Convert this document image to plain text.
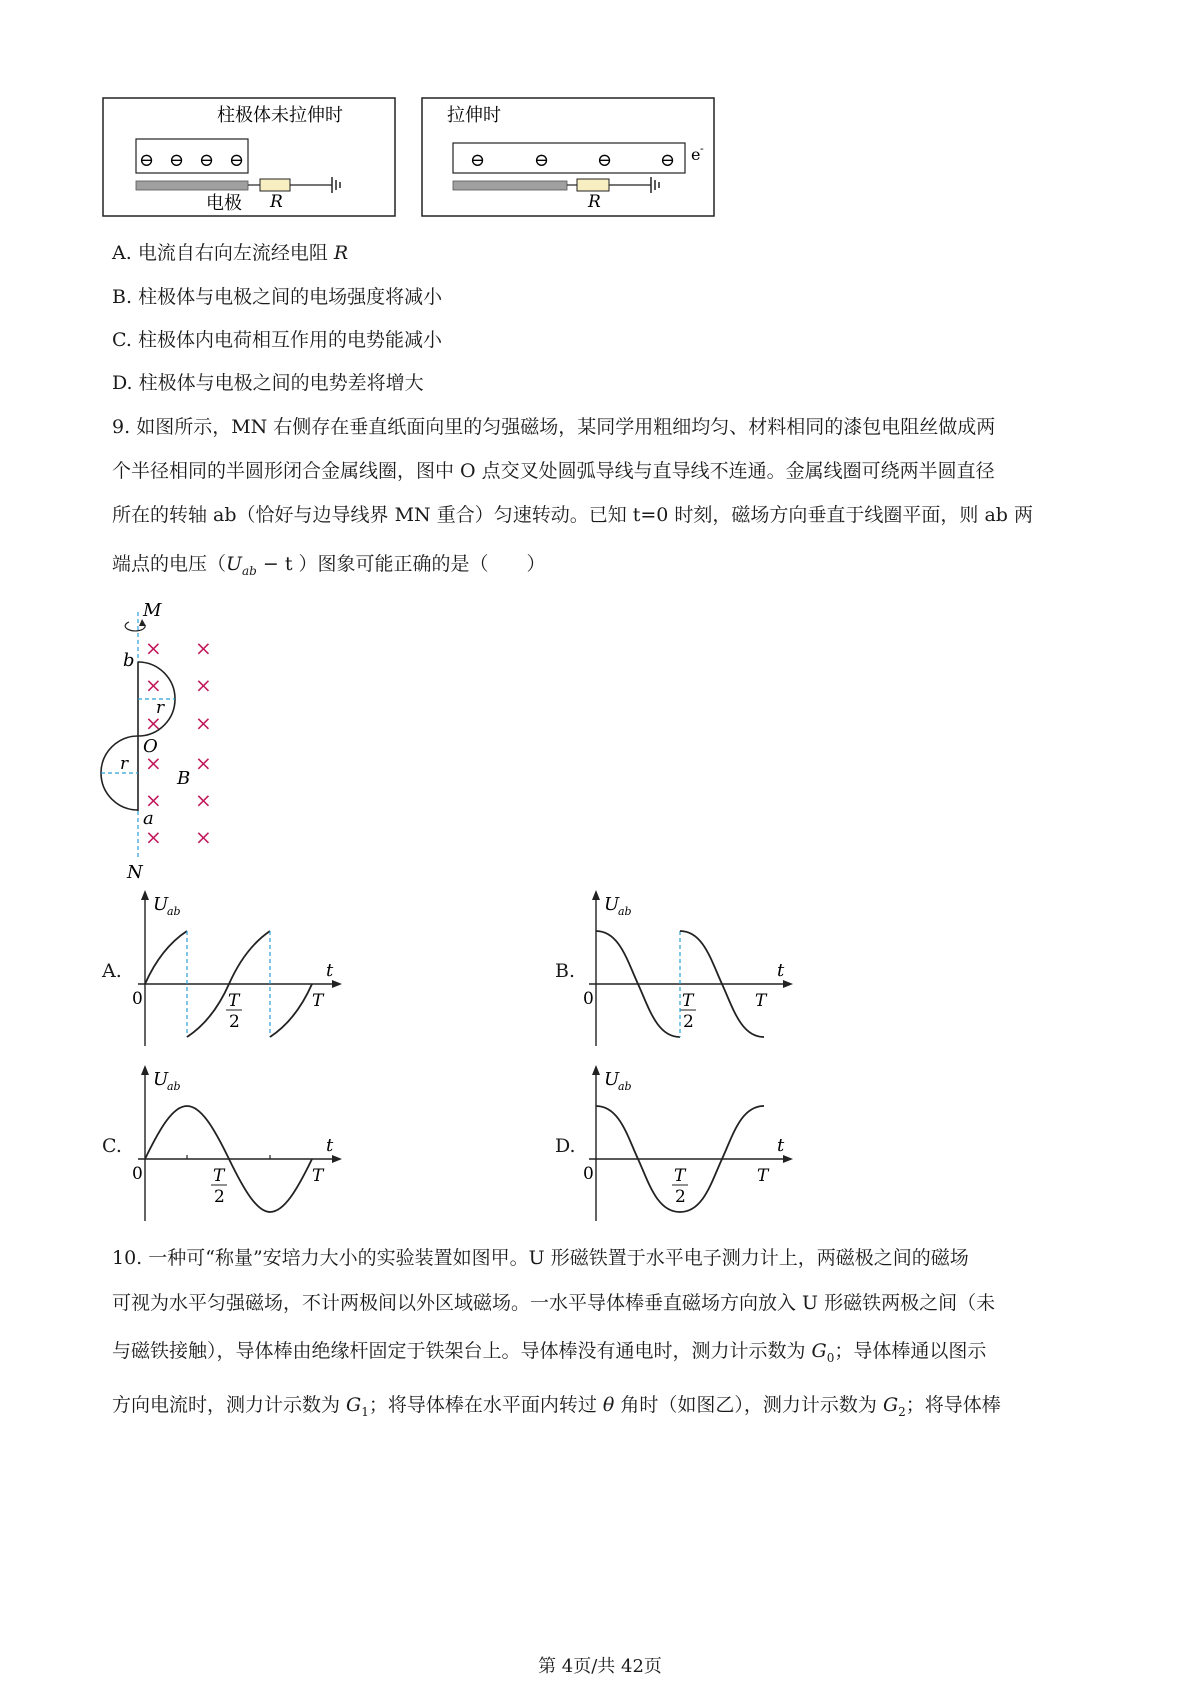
柱极体未拉伸时
⊖ ⊖ ⊖ ⊖
电极 R
拉伸时
⊖	⊖	⊖	⊖ e -
R
A. 电流自右向左流经电阻 R
B. 柱极体与电极之间的电场强度将减小
C. 柱极体内电荷相互作用的电势能减小
D. 柱极体与电极之间的电势差将增大
9. 如图所示，MN 右侧存在垂直纸面向里的匀强磁场，某同学用粗细均匀、材料相同的漆包电阻丝做成两
个半径相同的半圆形闭合金属线圈，图中 O 点交叉处圆弧导线与直导线不连通。金属线圈可绕两半圆直径
所在的转轴 ab（恰好与边导线界 MN 重合）匀速转动。已知 t=0 时刻，磁场方向垂直于线圈平面，则 ab 两
端点的电压（$U_{ab} - t$ ）图象可能正确的是（　　）
M
b
r
O
r
B
a
N
× ×
× ×
× ×
× ×
× ×
× ×
A.
U
ab
t
0	T
2
T
B.
U
ab
t
0	T
2
T
C.
U
ab
t
0	T
2
T
D.
U
ab
t
0	T
2
T
10. 一种可“称量”安培力大小的实验装置如图甲。U 形磁铁置于水平电子测力计上，两磁极之间的磁场
可视为水平匀强磁场，不计两极间以外区域磁场。一水平导体棒垂直磁场方向放入 U 形磁铁两极之间（未
与磁铁接触），导体棒由绝缘杆固定于铁架台上。导体棒没有通电时，测力计示数为 $G_0$；导体棒通以图示
方向电流时，测力计示数为 $G_1$；将导体棒在水平面内转过 θ 角时（如图乙），测力计示数为 $G_2$；将导体棒
第 4页/共 42页
